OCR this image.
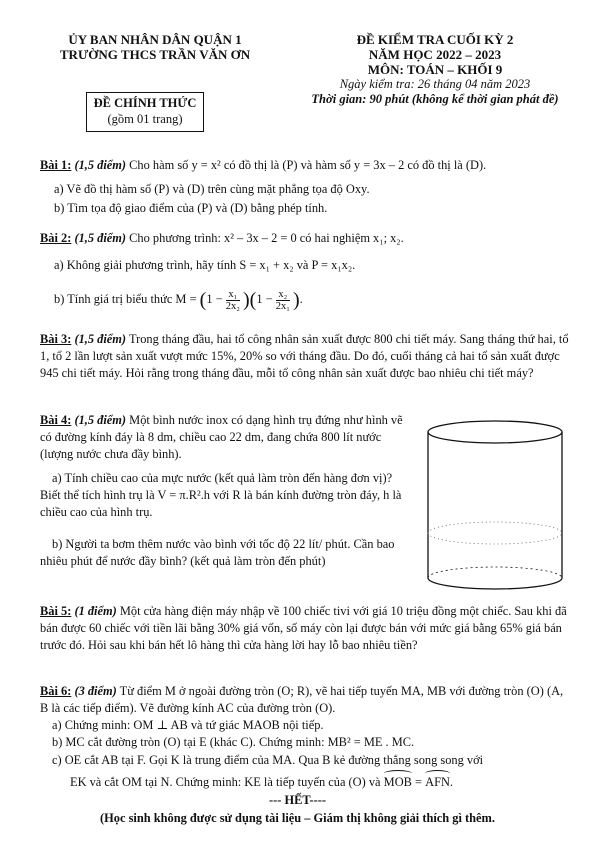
ỦY BAN NHÂN DÂN QUẬN 1
TRƯỜNG THCS TRẦN VĂN ƠN
ĐỀ KIỂM TRA CUỐI KỲ 2
NĂM HỌC 2022 – 2023
MÔN: TOÁN – KHỐI 9
Ngày kiểm tra: 26 tháng 04 năm 2023
Thời gian: 90 phút (không kể thời gian phát đề)
ĐỀ CHÍNH THỨC
(gồm 01 trang)
Bài 1: (1,5 điểm) Cho hàm số y = x² có đồ thị là (P) và hàm số y = 3x – 2 có đồ thị là (D).
a) Vẽ đồ thị hàm số (P) và (D) trên cùng mặt phẳng tọa độ Oxy.
b) Tìm tọa độ giao điểm của (P) và (D) bằng phép tính.
Bài 2: (1,5 điểm) Cho phương trình: x² – 3x – 2 = 0 có hai nghiệm x₁; x₂.
a) Không giải phương trình, hãy tính S = x₁ + x₂ và P = x₁x₂.
b) Tính giá trị biểu thức $M = (1 - \frac{\text{x₁}}{\text{2x₂}} )(1 - \frac{\text{x₂}}{\text{2x₁}}$ ).
Bài 3: (1,5 điểm) Trong tháng đầu, hai tổ công nhân sản xuất được 800 chi tiết máy. Sang tháng thứ hai, tổ 1, tổ 2 lần lượt sản xuất vượt mức 15%, 20% so với tháng đầu. Do đó, cuối tháng cả hai tổ sản xuất được 945 chi tiết máy. Hỏi rằng trong tháng đầu, mỗi tổ công nhân sản xuất được bao nhiêu chi tiết máy?
Bài 4: (1,5 điểm) Một bình nước inox có dạng hình trụ đứng như hình vẽ có đường kính đáy là 8 dm, chiều cao 22 dm, đang chứa 800 lít nước (lượng nước chưa đầy bình).
a) Tính chiều cao của mực nước (kết quả làm tròn đến hàng đơn vị)? Biết thể tích hình trụ là V = π.R².h với R là bán kính đường tròn đáy, h là chiều cao của hình trụ.
b) Người ta bơm thêm nước vào bình với tốc độ 22 lít/ phút. Cần bao nhiêu phút để nước đầy bình? (kết quả làm tròn đến phút)
Bài 5: (1 điểm) Một cửa hàng điện máy nhập về 100 chiếc tivi với giá 10 triệu đồng một chiếc. Sau khi đã bán được 60 chiếc với tiền lãi bằng 30% giá vốn, số máy còn lại được bán với mức giá bằng 65% giá bán trước đó. Hỏi sau khi bán hết lô hàng thì cửa hàng lời hay lỗ bao nhiêu tiền?
Bài 6: (3 điểm) Từ điểm M ở ngoài đường tròn (O; R), vẽ hai tiếp tuyến MA, MB với đường tròn (O) (A, B là các tiếp điểm). Vẽ đường kính AC của đường tròn (O).
a) Chứng minh: OM ⊥ AB và tứ giác MAOB nội tiếp.
b) MC cắt đường tròn (O) tại E (khác C). Chứng minh: MB² = ME . MC.
c) OE cắt AB tại F. Gọi K là trung điểm của MA. Qua B kẻ đường thẳng song song với
EK và cắt OM tại N. Chứng minh: KE là tiếp tuyến của (O) và MOB = AFN.
--- HẾT----
(Học sinh không được sử dụng tài liệu – Giám thị không giải thích gì thêm.
